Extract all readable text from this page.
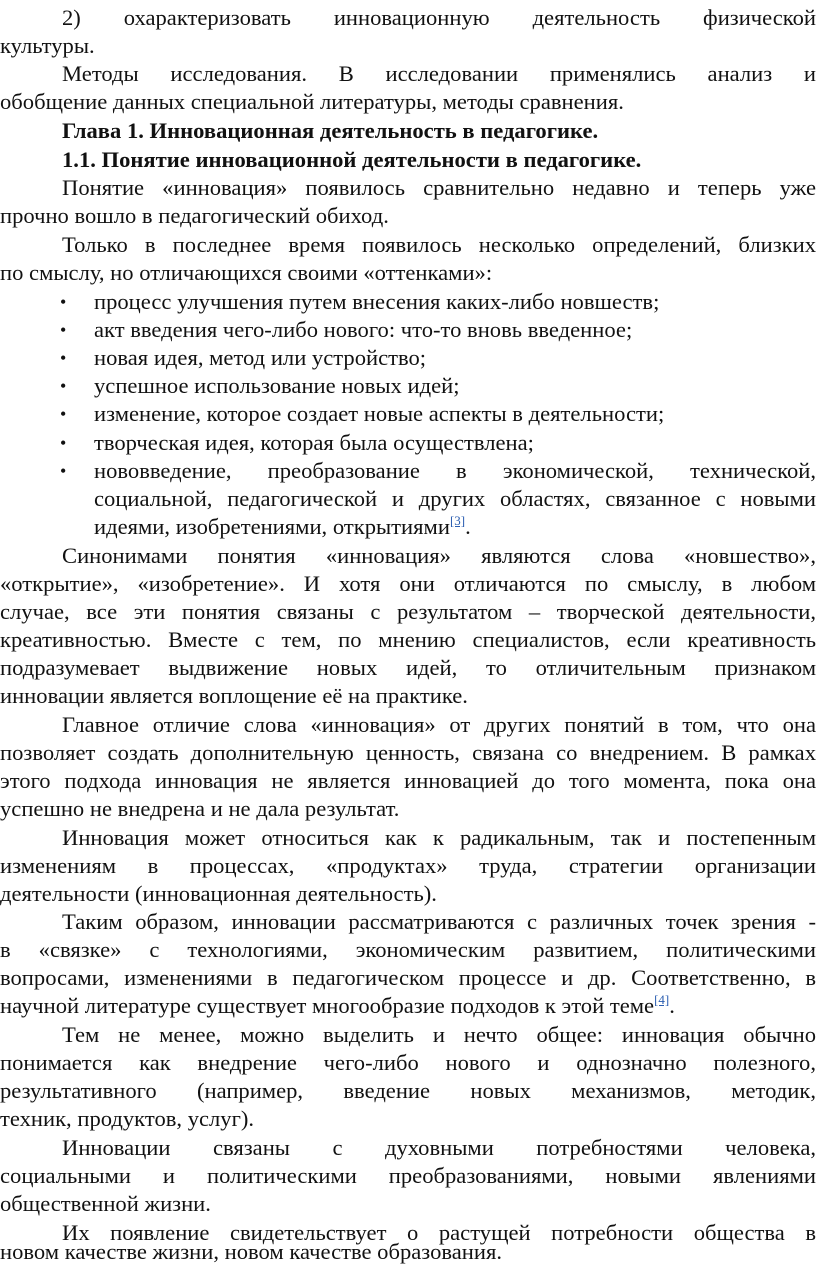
2) охарактеризовать инновационную деятельность физической
культуры.
Методы исследования. В исследовании применялись анализ и
обобщение данных специальной литературы, методы сравнения.
Глава 1. Инновационная деятельность в педагогике.
1.1. Понятие инновационной деятельности в педагогике.
Понятие «инновация» появилось сравнительно недавно и теперь уже
прочно вошло в педагогический обиход.
Только в последнее время появилось несколько определений, близких
по смыслу, но отличающихся своими «оттенками»:
• процесс улучшения путем внесения каких-либо новшеств;
• акт введения чего-либо нового: что-то вновь введенное;
• новая идея, метод или устройство;
• успешное использование новых идей;
• изменение, которое создает новые аспекты в деятельности;
• творческая идея, которая была осуществлена;
• нововведение, преобразование в экономической, технической,
социальной, педагогической и других областях, связанное с новыми
идеями, изобретениями, открытиями[3].
Синонимами понятия «инновация» являются слова «новшество»,
«открытие», «изобретение». И хотя они отличаются по смыслу, в любом
случае, все эти понятия связаны с результатом – творческой деятельности,
креативностью. Вместе с тем, по мнению специалистов, если креативность
подразумевает выдвижение новых идей, то отличительным признаком
инновации является воплощение её на практике.
Главное отличие слова «инновация» от других понятий в том, что она
позволяет создать дополнительную ценность, связана со внедрением. В рамках
этого подхода инновация не является инновацией до того момента, пока она
успешно не внедрена и не дала результат.
Инновация может относиться как к радикальным, так и постепенным
изменениям в процессах, «продуктах» труда, стратегии организации
деятельности (инновационная деятельность).
Таким образом, инновации рассматриваются с различных точек зрения -
в «связке» с технологиями, экономическим развитием, политическими
вопросами, изменениями в педагогическом процессе и др. Соответственно, в
научной литературе существует многообразие подходов к этой теме[4].
Тем не менее, можно выделить и нечто общее: инновация обычно
понимается как внедрение чего-либо нового и однозначно полезного,
результативного (например, введение новых механизмов, методик,
техник, продуктов, услуг).
Инновации связаны с духовными потребностями человека,
социальными и политическими преобразованиями, новыми явлениями
общественной жизни.
Их появление свидетельствует о растущей потребности общества в
новом качестве жизни, новом качестве образования.
